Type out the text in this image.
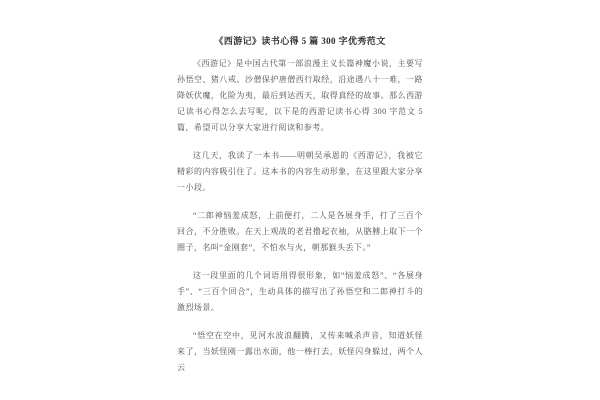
《西游记》读书心得 5 篇 300 字优秀范文

《西游记》是中国古代第一部浪漫主义长篇神魔小说，主要写孙悟空、猪八戒、沙僧保护唐僧西行取经，沿途遇八十一难，一路降妖伏魔，化险为夷，最后到达西天，取得真经的故事。那么西游记读书心得怎么去写呢，以下是的西游记读书心得 300 字范文 5 篇，希望可以分享大家进行阅读和参考。

这几天，我读了一本书——明朝吴承恩的《西游记》，我被它精彩的内容吸引住了。这本书的内容生动形象，在这里跟大家分享一小段。

“二郎神恼羞成怒，上前便打，二人是各展身手，打了三百个回合，不分胜败。在天上观战的老君撸起衣袖，从胳膊上取下一个圈子，名叫“金刚套”，不怕水与火，朝那猴头丢下。”

这一段里面的几个词语用得很形象，如“恼羞成怒”、“各展身手”、“三百个回合”，生动具体的描写出了孙悟空和二郎神打斗的激烈场景。

“悟空在空中，见河水波浪翻腾，又传来喊杀声音，知道妖怪来了，当妖怪刚一露出水面，他一棒打去，妖怪闪身躲过，两个人云
